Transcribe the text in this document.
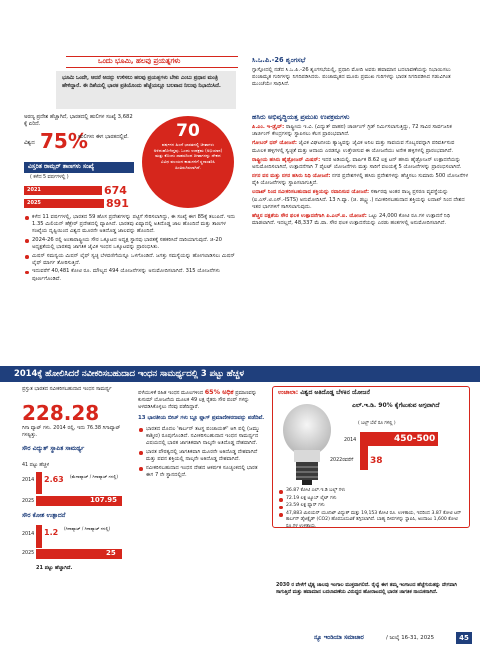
ಒಂದು ಭೂಮಿ, ಹಲವು ಪ್ರಯತ್ನಗಳು
ಭೂಮಿ ಒಂದೇ, ಆದರೆ ಅದನ್ನು ಉಳಿಸಲು ಹಲವು ಪ್ರಯತ್ನಗಳು ಬೇಕು ಎಂಬು ಪ್ರಧಾನ ಮಂತ್ರಿ ಹೇಳಿದ್ದಾರೆ. ಈ ದಿಶೆಯಲ್ಲಿ ಭಾರತ ಪ್ರತಿಯೊಂದು ಹೆಜ್ಜೆಯಲ್ಲೂ ಬಲವಾದ ನಿಲುವು ನಿಭಾಯಿಸಿದೆ.
ಅರಣ್ಯ ಪ್ರದೇಶ ಹೆಚ್ಚಾಗಿದೆ, ಭಾರತದಲ್ಲಿ ಹುಲಿಗಳ ಸಂಖ್ಯೆ 3,682 ಕ್ಕೆ ಏರಿದೆ.
ವಿಶ್ವದ 75%
ಹುಲಿಗಳು ಈಗ ಭಾರತದಲ್ಲಿವೆ.	70
ವರ್ಷಗಳ ಹಿಂದೆ ಭಾರತದಲ್ಲಿ ಚೀತಾಗಳು ಅಳಿದುಹೋಗಿದ್ದವು. ಒಂದು ಉಪಕ್ರಮ (ಅಭಿಯಾನ) ಮತ್ತು ಕೊಂದು ಸಾಹಸದಿಂದ ಚೀತಾಗಳನ್ನು ದೇಶದ ವಿವಿಧ ವಲಯದ ಕಾಡುಗಳಿಗೆ ಸ್ಥಳಾಂತರಿಸಿ ಹಿಂತಿರುಗಿಸಲಾಗಿದೆ.
ವಿಸ್ತರಿತ ರಾಮ್ಸರ್ ತಾಣಗಳು ಸಂಖ್ಯೆ
( ಕಳೆದ 5 ವರ್ಷಗಳಲ್ಲಿ )
2021	674
2025	891
ಕಳೆದ 11 ವರ್ಷಗಳಲ್ಲಿ, ಭಾರತದ 59 ಹೊಸ ಪ್ರದೇಶಗಳನ್ನು ಪಟ್ಟಿಗೆ ಸೇರಿಸಲಾಗಿದ್ದು, ಈ ಸಂಖ್ಯೆ ಈಗ 85ಕ್ಕೆ ತಲುಪಿದೆ. ಇದು 1.35 ಮಿಲಿಯನ್ ಹೆಕ್ಟೇರ್ ಪ್ರದೇಶದಲ್ಲಿ ವ್ಯಾಪಿಸಿದೆ. ಭಾರತವು ಏಷ್ಯಾದಲ್ಲಿ ಅತಿದೊಡ್ಡ ಜಾಲ ಹೊಂದಿದೆ ಮತ್ತು ತಾಣಗಳ ಸಂಖ್ಯೆಯ ದೃಷ್ಟಿಯಿಂದ ವಿಶ್ವದ ಮೂರನೇ ಅತಿದೊಡ್ಡ ಜಾಲವನ್ನು ಹೊಂದಿದೆ.
2024-26 ರಲ್ಲಿ ಅಂತಾರಾಷ್ಟ್ರೀಯ ಸೌರ ಒಕ್ಕೂಟದ ಅಧ್ಯಕ್ಷ ಸ್ಥಾನವು ಭಾರತಕ್ಕೆ ಸಹಕರಿಸಿದೆ ದಾರಿಯಾಗುವುದೆ. ಜಿ-20 ಅಧ್ಯಕ್ಷತೆಯಲ್ಲಿ ಭಾರತವು ಜಾಗತಿಕ ಜೈವಿಕ ಇಂಧನ ಒಕ್ಕೂಟವನ್ನು ಪ್ರಾರಂಭಿಸಿತು.
ಮಿಷನ್ ಸಮನ್ವಯ ಮಿಷನ್ ಲೈಫ್ ಸ್ವಚ್ಛ ಬೆಳವಣಿಗೆಯನ್ನೂ ಒಳಗೊಂಡಿದೆ. ಜಗತ್ತು ಸಮಸ್ಯೆಯನ್ನು ಹೋಗಲಾಡಿಸಲು ಮಿಷನ್ ಲೈಫ್ ಮಾರ್ಗ ತೋರಿಸುತ್ತಿದೆ.
ಇದುವರೆಗೆ 40,481 ಕೋಟಿ ರೂ. ಮೌಲ್ಯದ 494 ಯೋಜನೆಗಳನ್ನು ಅನುಮೋದಿಸಲಾಗಿದೆ. 315 ಯೋಜನೆಗಳು ಪೂರ್ಣಗೊಂಡಿವೆ.
ಸಿ.ಒ.ಪಿ.-26 ಶೃಂಗಸಭೆ
ಗ್ಲಾಸ್ಗೋದಲ್ಲಿ ನಡೆದ ಸಿ.ಒ.ಪಿ.-26 ಶೃಂಗಸಭೆಯಲ್ಲಿ, ಪ್ರಧಾನಿ ಮೋದಿ ಅವರು ಹವಾಮಾನ ಬದಲಾವಣೆಯನ್ನು ನಿಭಾಯಿಸಲು ಪಂಚಾಮೃತ ಗುರಿಗಳನ್ನು ನಿಗದಿಪಡಿಸಿದರು. ಪಂಚಾಮೃತದ ಮೂರು ಪ್ರಮುಖ ಗುರಿಗಳನ್ನು ಭಾರತ ನಿಗದಿಪಡಿಸಿದ ಗಡುವಿಗಿಂತ ಮುಂಚೆಯೇ ಸಾಧಿಸಿದೆ.
ಹಸಿರು ಅಭಿವೃದ್ಧಿಯತ್ತ ಪ್ರಮುಖ ಉಪಕ್ರಮಗಳು
ಪಿ.ಎಂ. ಇ-ಡ್ರೈವ್: ರಾಷ್ಟ್ರೀಯ ಇ.ವಿ. (ವಿದ್ಯುತ್ ವಾಹನ) ಚಾರ್ಜಿಂಗ್ ಗ್ರಿಡ್ ನಿರ್ಮಿಸಲಾಗುತ್ತಿದ್ದು, 72 ಸಾವಿರ ಸಾರ್ವಜನಿಕ ಚಾರ್ಜಿಂಗ್ ಕೇಂದ್ರಗಳನ್ನು ಸ್ಥಾಪಿಸಲು ಕೆಲಸ ಪ್ರಾರಂಭವಾಗಿದೆ.
ಗೋಬರ್ ಧನ್ ಯೋಜನೆ: ಜೈವಿಕ ವಿಘಟನೀಯ ತ್ಯಾಜ್ಯವನ್ನು ಜೈವಿಕ ಅನಿಲ ಮತ್ತು ಸಾವಯವ ಗೊಬ್ಬರವನ್ನಾಗಿ ಪರಿವರ್ತಿಸುವ ಮೂಲಕ ಹಳ್ಳಿಗಳಲ್ಲಿ ಸ್ವಚ್ಛತೆ ಮತ್ತು ಆದಾಯ ಎರಡನ್ನೂ ಉತ್ತೇಜಿಸುವ ಈ ಯೋಜನೆಯು ಅನೇಕ ಹಳ್ಳಿಗಳಲ್ಲಿ ಪ್ರಾರಂಭವಾಗಿದೆ.
ರಾಷ್ಟ್ರೀಯ ಹಸಿರು ಹೈಡ್ರೋಜನ್ ಮಿಷನ್: ಇದರ ಅಡಿಯಲ್ಲಿ, ವಾರ್ಷಿಕ 8.62 ಲಕ್ಷ ಟನ್ ಹಸಿರು ಹೈಡ್ರೋಜನ್ ಉತ್ಪಾದನೆಯನ್ನು ಅನುಮೋದಿಸಲಾಗಿದೆ, ಉತ್ಪಾದನೆಗಾಗಿ 7 ಪೈಲಟ್ ಯೋಜನೆಗಳು ಮತ್ತು ಸಾರಿಗೆ ವಲಯಕ್ಕೆ 5 ಯೋಜನೆಗಳನ್ನು ಪ್ರಾರಂಭಿಸಲಾಗಿದೆ.
ನಗರ ವನ ಮತ್ತು ನಗರ ಹಸಿರು ನಿಧಿ ಯೋಜನೆ: ನಗರ ಪ್ರದೇಶಗಳಲ್ಲಿ ಹಸಿರು ಪ್ರದೇಶಗಳನ್ನು ಹೆಚ್ಚಿಸಲು ಸುಮಾರು 500 ಯೋಜನೆಗಳ ಪೈಕಿ ಯೋಜನೆಗಳನ್ನು ಸ್ಥಾಪಿಸಲಾಗುತ್ತಿದೆ.
ಲದಾಖ್ ನಿಂದ ನವೀಕರಿಸಬಹುದಾದ ಶಕ್ತಿಯನ್ನು ರವಾನಿಸುವ ಯೋಜನೆ: ಸರ್ಕಾರವು ಅಂತರ ರಾಜ್ಯ ಪ್ರಸರಣ ವ್ಯವಸ್ಥೆಯನ್ನು (ಐ.ಎಸ್.ಟಿ.ಎಸ್.-ISTS) ಅನುಮೋದಿಸಿದೆ. 13 ಗಿ.ವ್ಯಾ. (ಜಿ. ಡಬ್ಲ್ಯು.) ನವೀಕರಿಸಬಹುದಾದ ಶಕ್ತಿಯನ್ನು ಲದಾಖ್ ನಿಂದ ದೇಶದ ಇತರ ಭಾಗಗಳಿಗೆ ಸಾಗಿಸಲಾಗುವುದು.
ಹೆಚ್ಚಿನ ದಕ್ಷತೆಯ ಸೌರ ಫಲಕ ಉತ್ಪಾದನೆಗಾಗಿ ಪಿ.ಎಲ್.ಐ. ಯೋಜನೆ: ಒಟ್ಟು 24,000 ಕೋಟಿ ರೂ.ಗಳ ಉತ್ಪಾದನೆ ನಿಧಿ ಮಾಡಲಾಗಿದೆ. ಇದಲ್ಲದೆ, 48,337 ಮೆ.ವಾ. ಸೌರ ಫಲಕ ಉತ್ಪಾದನೆಯನ್ನು ಎರಡು ಹಂತಗಳಲ್ಲಿ ಅನುಮೋದಿಸಲಾಗಿದೆ.
2014ಕ್ಕೆ ಹೋಲಿಸಿದರೆ ನವೀಕರಿಸಬಹುದಾದ ಇಂಧನ ಸಾಮರ್ಥ್ಯದಲ್ಲಿ 3 ಪಟ್ಟು ಹೆಚ್ಚಳ
ಪ್ರಸ್ತುತ ಭಾರತದ ನವೀಕರಿಸಬಹುದಾದ ಇಂಧನ ಸಾಮರ್ಥ್ಯ
228.28
ಗಿಗಾ ವ್ಯಾಟ್ ಗಳು. 2014 ರಲ್ಲಿ, ಇದು 76.38 ಗಿಗಾವ್ಯಾಟ್ ಗಳಷ್ಟಿತ್ತು.
ಸೌರ ವಿದ್ಯುತ್ ಸ್ಥಾಪಿತ ಸಾಮರ್ಥ್ಯ
41 ಪಟ್ಟು ಹೆಚ್ಚಳ
2014 2.63 (ಮೆಗಾವ್ಯಾಟ್ / ಗಿಗಾವ್ಯಾಟ್ ಗಳಲ್ಲಿ)
2025	107.95
ಸೌರ ಕೋಶ ಉತ್ಪಾದನೆ
2014 1.2 (ಗಿಗಾವ್ಯಾಟ್ / ಗಿಗಾವ್ಯಾಟ್ ಗಳಲ್ಲಿ)
2025	25
21 ಪಟ್ಟು ಹೆಚ್ಚಾಗಿದೆ.
ಪಳೆಯುಳಿಕೆ ರಹಿತ ಇಂಧನ ಮೂಲಗಳಿಂದ 65% ಅಧಿಕ ಪ್ರಮಾಣವನ್ನು ಕುಸುಮ್ ಯೋಜನೆಯ ಮೂಲಕ 49 ಲಕ್ಷ ರೈತರು ಸೌರ ಪಂಪ್ ಗಳನ್ನು ಅಳವಡಿಸಿಕೊಳ್ಳಲು ನೆರವು ಪಡೆದಿದ್ದಾರೆ.
13 ಭಾರತೀಯ ಬೀಚ್ ಗಳು ಬ್ಲೂ ಫ್ಲಾಗ್ ಪ್ರಮಾಣೀಕರಣವನ್ನು ಪಡೆದಿವೆ.
ಭಾರತದ ಮೊದಲ 'ಕಾರ್ಬನ್ ತಟಸ್ಥ ಪಂಚಾಯತ್' ಆಗಿ ಪಲ್ಲಿ (ಜಮ್ಮು ಕಾಶ್ಮೀರ) ರೂಪುಗೊಂಡಿದೆ. ನವೀಕರಿಸಬಹುದಾದ ಇಂಧನ ಸಾಮರ್ಥ್ಯದ ವಿಷಯದಲ್ಲಿ ಭಾರತ ಜಾಗತಿಕವಾಗಿ ನಾಲ್ಕನೇ ಅತಿದೊಡ್ಡ ದೇಶವಾಗಿದೆ.
ಭಾರತ ಪೌರತ್ವದಲ್ಲಿ ಜಾಗತಿಕವಾಗಿ ಮೂರನೇ ಅತಿದೊಡ್ಡ ದೇಶವಾಗಿದೆ ಮತ್ತು ಪವನ ಶಕ್ತಿಯಲ್ಲಿ ನಾಲ್ಕನೇ ಅತಿದೊಡ್ಡ ದೇಶವಾಗಿದೆ.
ನವೀಕರಿಸಬಹುದಾದ ಇಂಧನ ದೇಶದ ಆಕರ್ಷಕ ಸೂಚ್ಯಂಕದಲ್ಲಿ ಭಾರತ ಈಗ 7 ನೇ ಸ್ಥಾನದಲ್ಲಿದೆ.
ಉಜಾಲಾ: ವಿಶ್ವದ ಅತಿದೊಡ್ಡ ಬೆಳಕಿನ ಯೋಜನೆ
ಎಲ್.ಇ.ಡಿ. 90% ಕೈಗೆಟುಕುವ ಅಗ್ಗವಾಗಿದೆ
( ಬಲ್ಬ್ ಬೆಲೆ ರೂ ಗಳಲ್ಲಿ )
2014	450-500
2022ರವರೆಗೆ 38
36.87 ಕೋಟಿ ಎಲ್.ಇ.ಡಿ ಬಲ್ಬ್ ಗಳು
72.19 ಲಕ್ಷ ಟ್ಯೂಬ್ ಲೈಟ್ ಗಳು
23.59 ಲಕ್ಷ ಫ್ಯಾನ್ ಗಳು
47,883 ಮಿಲಿಯನ್ ಯೂನಿಟ್ ವಿದ್ಯುತ್ ಮತ್ತು 19,153 ಕೋಟಿ ರೂ. ಉಳಿತಾಯ, ಇದರಿಂದ 3.87 ಕೋಟಿ ಟನ್ ಕಾರ್ಬನ್ ಡೈಆಕ್ಸೈಡ್ (CO2) ಹೊರಸೂಸುವಿಕೆ ತಗ್ಗಿಸಲಾಗಿದೆ. ಬಾಹ್ಯ ದೀಪಗಳನ್ನು ಸ್ಥಾಪಿಸಿ, ಅಂದಾಜು 1,600 ಕೋಟಿ ರೂ.ಗಳ ಉಳಿತಾಯ.
2030 ರ ವೇಳೆಗೆ ಭೈತ್ಯ ಜಾಲವು ಇಂಗಾಲ ಮುಕ್ತವಾಗಲಿದೆ. ರೈಲ್ವೆ ಈಗ ತಮ್ಮ ಇಂಗಾಲದ ಹೆಜ್ಜೆಗುರುತನ್ನು ವೇಗವಾಗಿ ಸಾಗುತ್ತಿದೆ ಮತ್ತು ಹವಾಮಾನ ಬದಲಾವಣೆಯ ವಿರುದ್ಧದ ಹೋರಾಟದಲ್ಲಿ ಭಾರತ ಜಾಗತಿಕ ನಾಯಕನಾಗಿದೆ.
ನ್ಯೂ ಇಂಡಿಯಾ ಸಮಾಚಾರ	/ ಜುಲೈ 16-31, 2025	45
